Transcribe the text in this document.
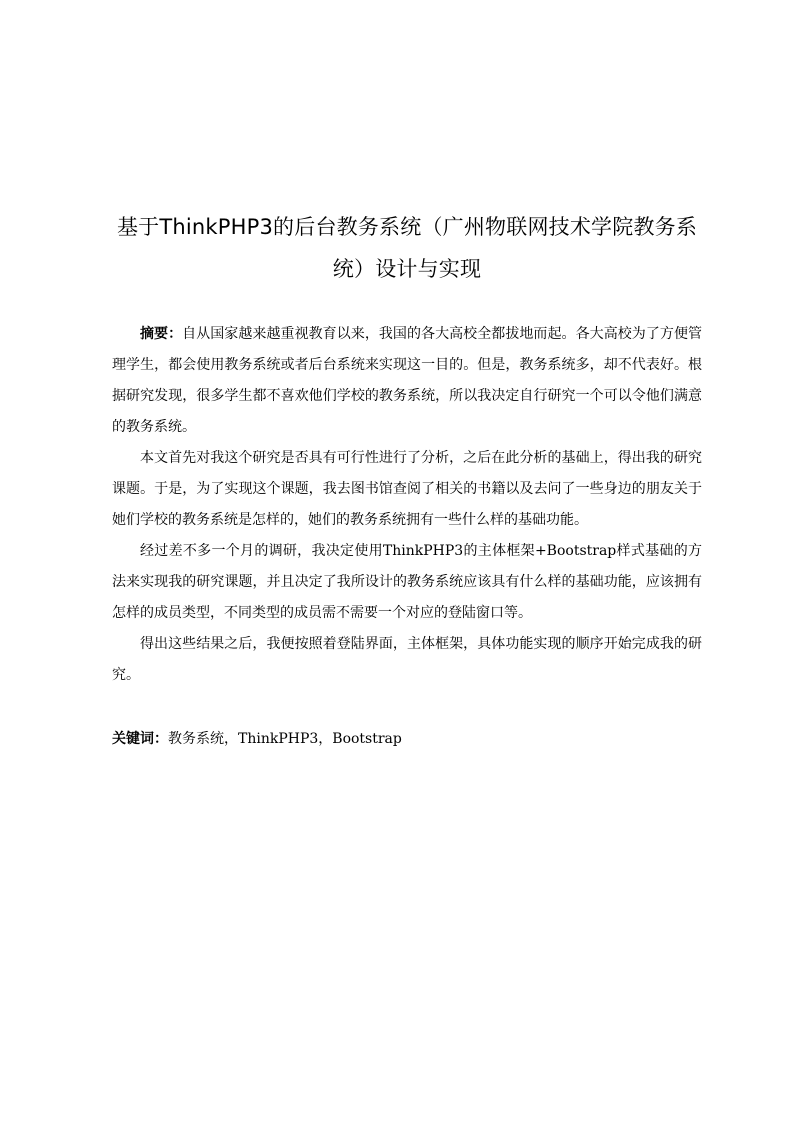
基于ThinkPHP3的后台教务系统（广州物联网技术学院教务系统）设计与实现

摘要：自从国家越来越重视教育以来，我国的各大高校全都拔地而起。各大高校为了方便管理学生，都会使用教务系统或者后台系统来实现这一目的。但是，教务系统多，却不代表好。根据研究发现，很多学生都不喜欢他们学校的教务系统，所以我决定自行研究一个可以令他们满意的教务系统。

本文首先对我这个研究是否具有可行性进行了分析，之后在此分析的基础上，得出我的研究课题。于是，为了实现这个课题，我去图书馆查阅了相关的书籍以及去问了一些身边的朋友关于她们学校的教务系统是怎样的，她们的教务系统拥有一些什么样的基础功能。

经过差不多一个月的调研，我决定使用ThinkPHP3的主体框架+Bootstrap样式基础的方法来实现我的研究课题，并且决定了我所设计的教务系统应该具有什么样的基础功能，应该拥有怎样的成员类型，不同类型的成员需不需要一个对应的登陆窗口等。

得出这些结果之后，我便按照着登陆界面，主体框架，具体功能实现的顺序开始完成我的研究。

关键词：教务系统，ThinkPHP3，Bootstrap
